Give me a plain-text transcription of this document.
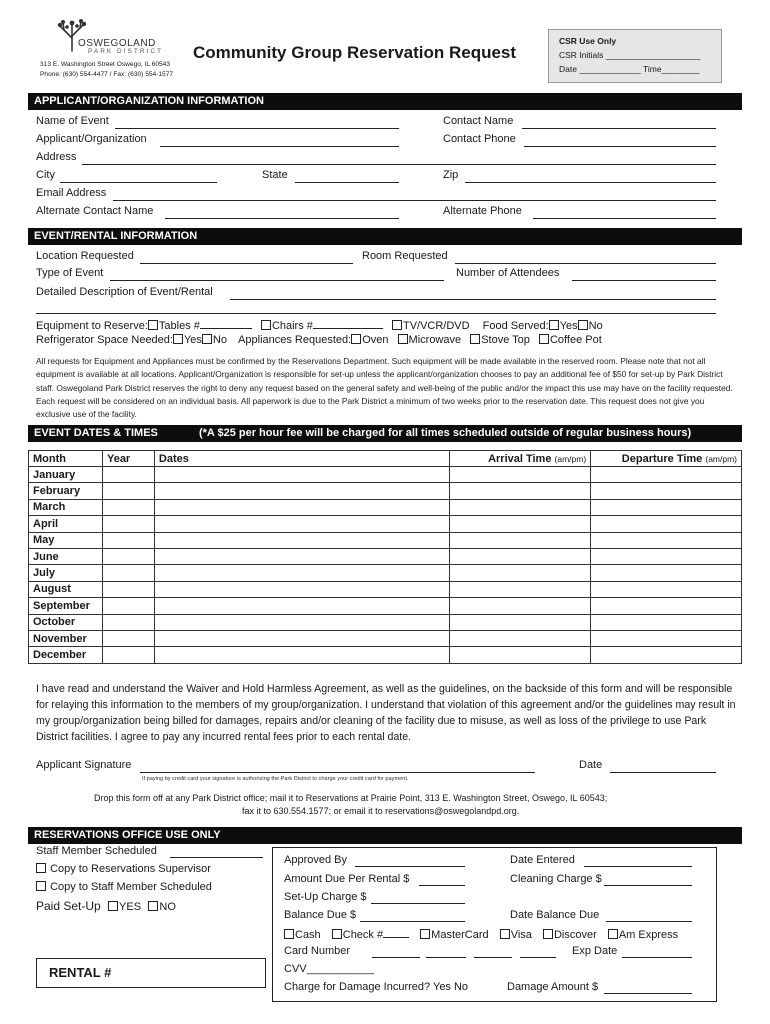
OSWEGOLAND
PARK DISTRICT
313 E. Washington Street Oswego, IL 60543
Phone: (630) 554-4477 / Fax: (630) 554-1577
Community Group Reservation Request
CSR Use Only
CSR Initials ____________________
Date _____________ Time________
APPLICANT/ORGANIZATION INFORMATION
Name of Event	Contact Name
Applicant/Organization	Contact Phone
Address
City	State	Zip
Email Address
Alternate Contact Name	Alternate Phone
EVENT/RENTAL INFORMATION
Location Requested	Room Requested
Type of Event	Number of Attendees
Detailed Description of Event/Rental
Equipment to Reserve: Tables #	Chairs #	TV/VCR/DVD Food Served: Yes No
Refrigerator Space Needed: Yes No Appliances Requested: Oven Microwave Stove Top Coffee Pot
All requests for Equipment and Appliances must be confirmed by the Reservations Department. Such equipment will be made available in the reserved room. Please note that not all equipment is available at all locations. Applicant/Organization is responsible for set-up unless the applicant/organization chooses to pay an additional fee of $50 for set-up by Park District staff. Oswegoland Park District reserves the right to deny any request based on the general safety and well-being of the public and/or the impact this use may have on the facility requested. Each request will be considered on an individual basis. All paperwork is due to the Park District a minimum of two weeks prior to the reservation date. This request does not give you exclusive use of the facility.
EVENT DATES & TIMES	(*A $25 per hour fee will be charged for all times scheduled outside of regular business hours)
Month	Year	Dates	Arrival Time (am/pm)	Departure Time (am/pm)
January				
February				
March				
April				
May				
June				
July				
August				
September				
October				
November				
December				
I have read and understand the Waiver and Hold Harmless Agreement, as well as the guidelines, on the backside of this form and will be responsible for relaying this information to the members of my group/organization. I understand that violation of this agreement and/or the guidelines may result in my group/organization being billed for damages, repairs and/or cleaning of the facility due to misuse, as well as loss of the privilege to use Park District facilities. I agree to pay any incurred rental fees prior to each rental date.
Applicant Signature	Date
If paying by credit card your signature is authorizing the Park District to charge your credit card for payment.
Drop this form off at any Park District office; mail it to Reservations at Prairie Point, 313 E. Washington Street, Oswego, IL 60543;
fax it to 630.554.1577; or email it to reservations@oswegolandpd.org.
RESERVATIONS OFFICE USE ONLY
Staff Member Scheduled
Copy to Reservations Supervisor
Copy to Staff Member Scheduled
Paid Set-Up YES NO
RENTAL #
Approved By	Date Entered
Amount Due Per Rental $	Cleaning Charge $
Set-Up Charge $
Balance Due $	Date Balance Due
Cash Check #	MasterCard Visa Discover Am Express
Card Number	Exp Date
CVV___________
Charge for Damage Incurred? Yes No	Damage Amount $
